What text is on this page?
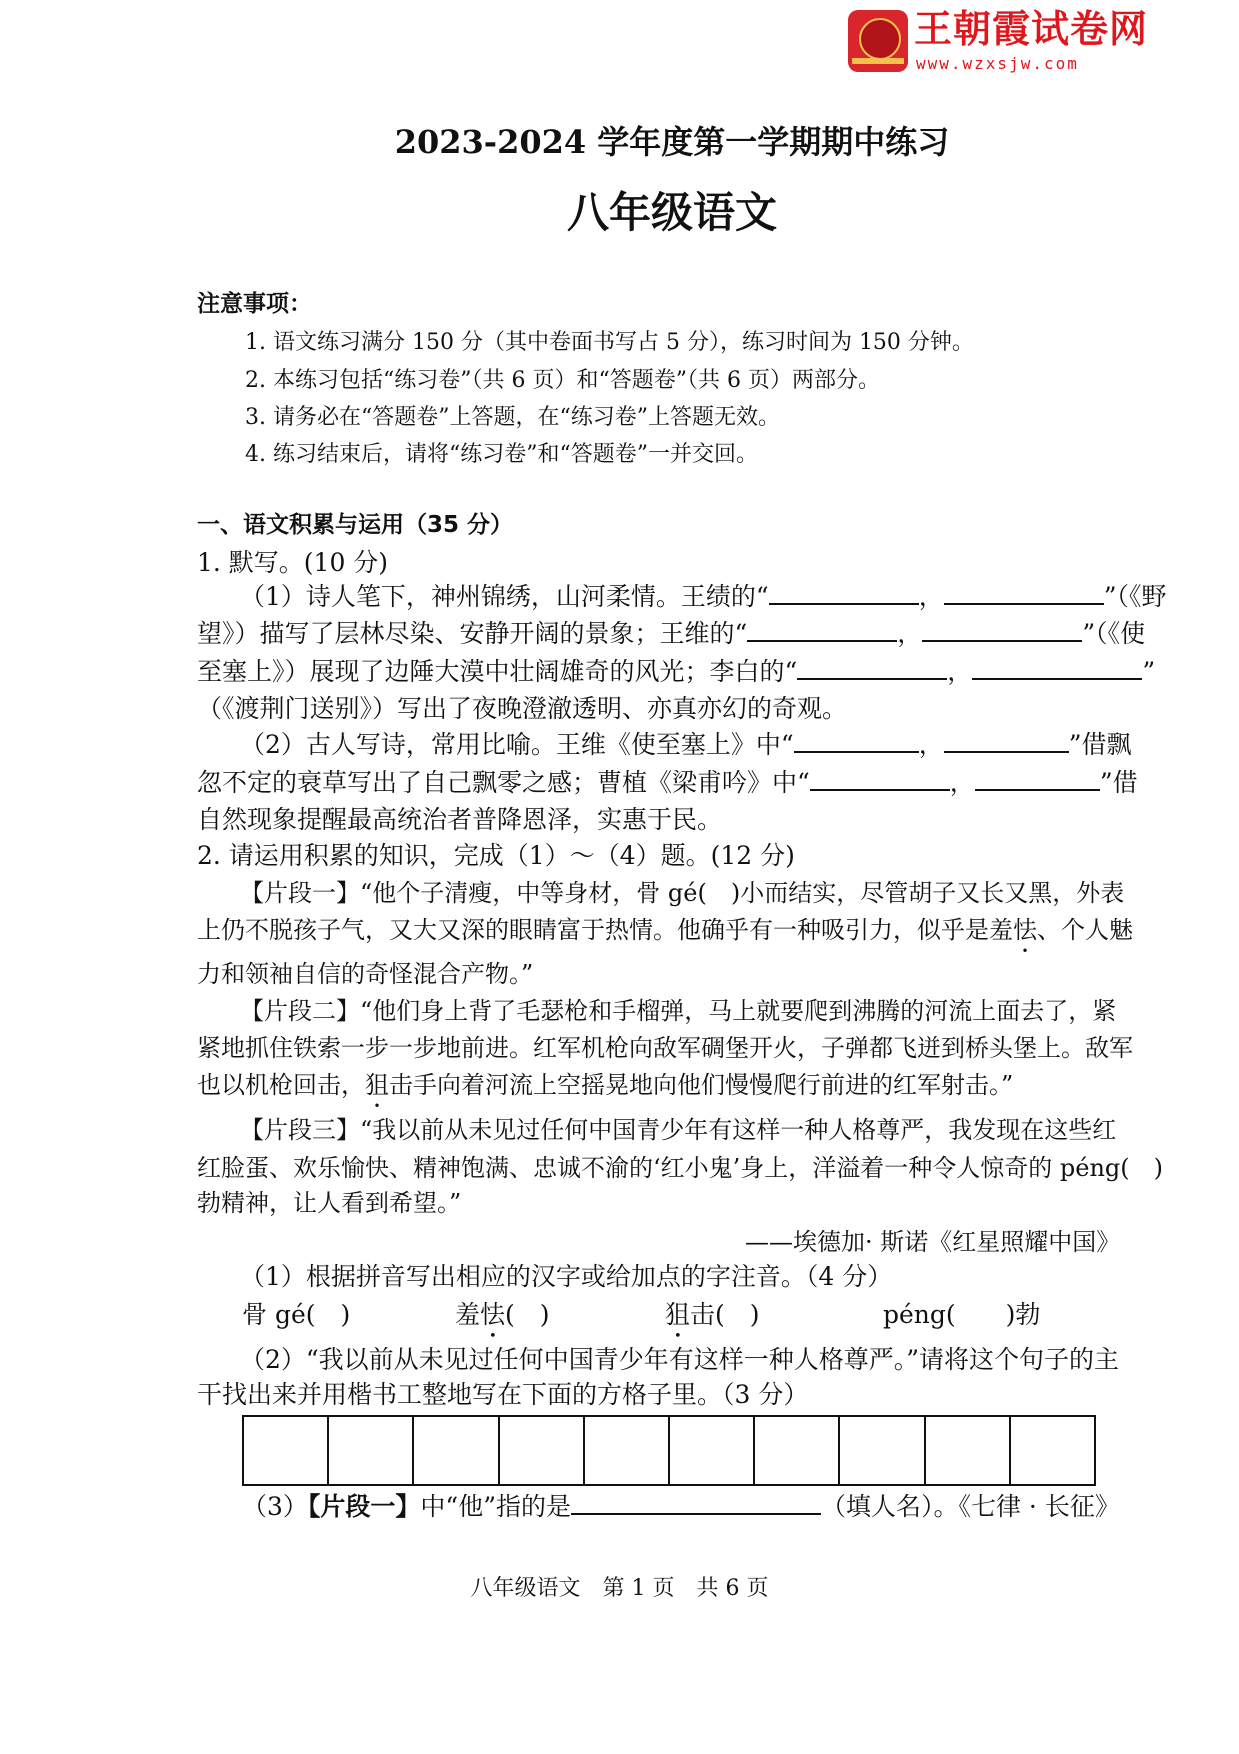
王朝霞试卷网
www.wzxsjw.com
2023-2024 学年度第一学期期中练习
八年级语文
注意事项：
1. 语文练习满分 150 分（其中卷面书写占 5 分），练习时间为 150 分钟。
2. 本练习包括“练习卷”（共 6 页）和“答题卷”（共 6 页）两部分。
3. 请务必在“答题卷”上答题，在“练习卷”上答题无效。
4. 练习结束后，请将“练习卷”和“答题卷”一并交回。
一、语文积累与运用（35 分）
1. 默写。(10 分)
（1）诗人笔下，神州锦绣，山河柔情。王绩的“	，	”（《野
望》）描写了层林尽染、安静开阔的景象；王维的“	，	”（《使
至塞上》）展现了边陲大漠中壮阔雄奇的风光；李白的“	，	”
（《渡荆门送别》）写出了夜晚澄澈透明、亦真亦幻的奇观。
（2）古人写诗，常用比喻。王维《使至塞上》中“	，	”借飘
忽不定的衰草写出了自己飘零之感；曹植《梁甫吟》中“	，	”借
自然现象提醒最高统治者普降恩泽，实惠于民。
2. 请运用积累的知识，完成（1）～（4）题。(12 分)
【片段一】“他个子清瘦，中等身材，骨 gé(　)小而结实，尽管胡子又长又黑，外表
上仍不脱孩子气，又大又深的眼睛富于热情。他确乎有一种吸引力，似乎是羞怯、个人魅
力和领袖自信的奇怪混合产物。”
【片段二】“他们身上背了毛瑟枪和手榴弹，马上就要爬到沸腾的河流上面去了，紧
紧地抓住铁索一步一步地前进。红军机枪向敌军碉堡开火，子弹都飞迸到桥头堡上。敌军
也以机枪回击，狙击手向着河流上空摇晃地向他们慢慢爬行前进的红军射击。”
【片段三】“我以前从未见过任何中国青少年有这样一种人格尊严，我发现在这些红
红脸蛋、欢乐愉快、精神饱满、忠诚不渝的‘红小鬼’身上，洋溢着一种令人惊奇的 péng(　)
勃精神，让人看到希望。”
——埃德加· 斯诺《红星照耀中国》
（1）根据拼音写出相应的汉字或给加点的字注音。（4 分）
骨 gé(　)	羞怯(　)	狙击(　)	péng(　　)勃
（2）“我以前从未见过任何中国青少年有这样一种人格尊严。”请将这个句子的主
干找出来并用楷书工整地写在下面的方格子里。（3 分）
（3）【片段一】中“他”指的是	（填人名）。《七律 · 长征》
八年级语文　第 1 页　共 6 页
